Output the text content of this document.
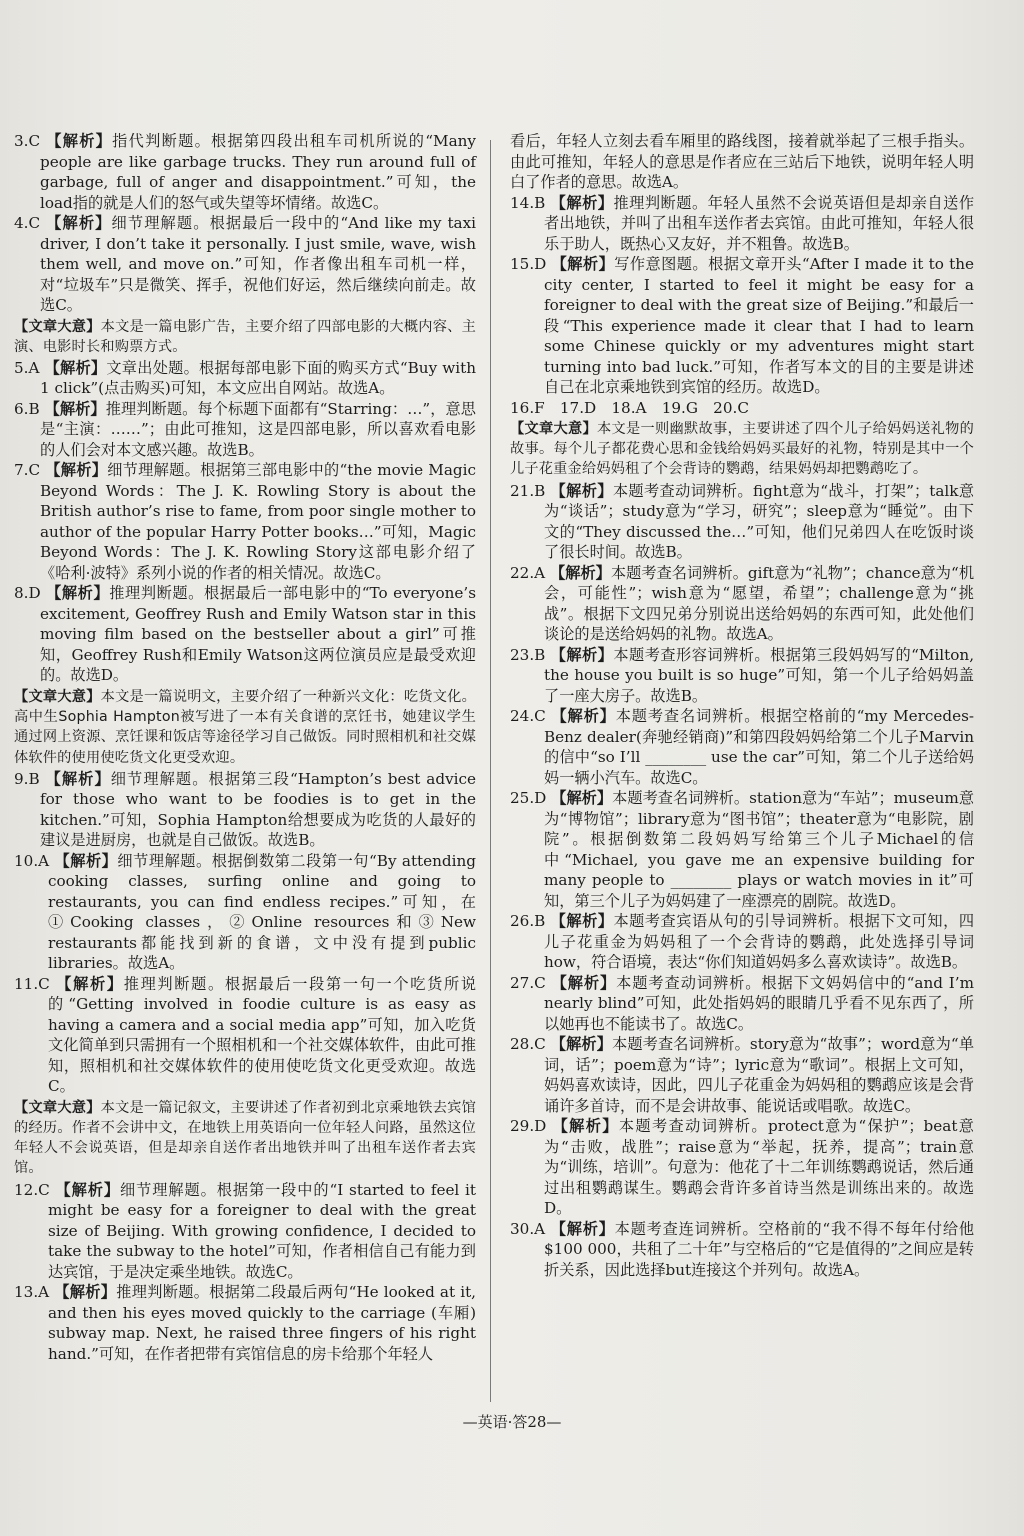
3.C 【解析】指代判断题。根据第四段出租车司机所说的“Many people are like garbage trucks. They run around full of garbage, full of anger and disappointment.”可知，the load指的就是人们的怒气或失望等坏情绪。故选C。

4.C 【解析】细节理解题。根据最后一段中的“And like my taxi driver, I don’t take it personally. I just smile, wave, wish them well, and move on.”可知，作者像出租车司机一样，对“垃圾车”只是微笑、挥手，祝他们好运，然后继续向前走。故选C。

【文章大意】本文是一篇电影广告，主要介绍了四部电影的大概内容、主演、电影时长和购票方式。

5.A 【解析】文章出处题。根据每部电影下面的购买方式“Buy with 1 click”(点击购买)可知，本文应出自网站。故选A。

6.B 【解析】推理判断题。每个标题下面都有“Starring：…”，意思是“主演：……”；由此可推知，这是四部电影，所以喜欢看电影的人们会对本文感兴趣。故选B。

7.C 【解析】细节理解题。根据第三部电影中的“the movie Magic Beyond Words：The J. K. Rowling Story is about the British author’s rise to fame, from poor single mother to author of the popular Harry Potter books…”可知，Magic Beyond Words：The J. K. Rowling Story这部电影介绍了《哈利·波特》系列小说的作者的相关情况。故选C。

8.D 【解析】推理判断题。根据最后一部电影中的“To everyone’s excitement, Geoffrey Rush and Emily Watson star in this moving film based on the bestseller about a girl”可推知，Geoffrey Rush和Emily Watson这两位演员应是最受欢迎的。故选D。

【文章大意】本文是一篇说明文，主要介绍了一种新兴文化：吃货文化。高中生Sophia Hampton被写进了一本有关食谱的烹饪书，她建议学生通过网上资源、烹饪课和饭店等途径学习自己做饭。同时照相机和社交媒体软件的使用使吃货文化更受欢迎。

9.B 【解析】细节理解题。根据第三段“Hampton’s best advice for those who want to be foodies is to get in the kitchen.”可知，Sophia Hampton给想要成为吃货的人最好的建议是进厨房，也就是自己做饭。故选B。

10.A 【解析】细节理解题。根据倒数第二段第一句“By attending cooking classes, surfing online and going to restaurants, you can find endless recipes.”可知，在①Cooking classes，②Online resources和③New restaurants都能找到新的食谱，文中没有提到public libraries。故选A。

11.C 【解析】推理判断题。根据最后一段第一句一个吃货所说的“Getting involved in foodie culture is as easy as having a camera and a social media app”可知，加入吃货文化简单到只需拥有一个照相机和一个社交媒体软件，由此可推知，照相机和社交媒体软件的使用使吃货文化更受欢迎。故选C。

【文章大意】本文是一篇记叙文，主要讲述了作者初到北京乘地铁去宾馆的经历。作者不会讲中文，在地铁上用英语向一位年轻人问路，虽然这位年轻人不会说英语，但是却亲自送作者出地铁并叫了出租车送作者去宾馆。

12.C 【解析】细节理解题。根据第一段中的“I started to feel it might be easy for a foreigner to deal with the great size of Beijing. With growing confidence, I decided to take the subway to the hotel”可知，作者相信自己有能力到达宾馆，于是决定乘坐地铁。故选C。

13.A 【解析】推理判断题。根据第二段最后两句“He looked at it, and then his eyes moved quickly to the carriage (车厢) subway map. Next, he raised three fingers of his right hand.”可知，在作者把带有宾馆信息的房卡给那个年轻人

看后，年轻人立刻去看车厢里的路线图，接着就举起了三根手指头。由此可推知，年轻人的意思是作者应在三站后下地铁，说明年轻人明白了作者的意思。故选A。

14.B 【解析】推理判断题。年轻人虽然不会说英语但是却亲自送作者出地铁，并叫了出租车送作者去宾馆。由此可推知，年轻人很乐于助人，既热心又友好，并不粗鲁。故选B。

15.D 【解析】写作意图题。根据文章开头“After I made it to the city center, I started to feel it might be easy for a foreigner to deal with the great size of Beijing.”和最后一段“This experience made it clear that I had to learn some Chinese quickly or my adventures might start turning into bad luck.”可知，作者写本文的目的主要是讲述自己在北京乘地铁到宾馆的经历。故选D。

16.F　17.D　18.A　19.G　20.C

【文章大意】本文是一则幽默故事，主要讲述了四个儿子给妈妈送礼物的故事。每个儿子都花费心思和金钱给妈妈买最好的礼物，特别是其中一个儿子花重金给妈妈租了个会背诗的鹦鹉，结果妈妈却把鹦鹉吃了。

21.B 【解析】本题考查动词辨析。fight意为“战斗，打架”；talk意为“谈话”；study意为“学习，研究”；sleep意为“睡觉”。由下文的“They discussed the…”可知，他们兄弟四人在吃饭时谈了很长时间。故选B。

22.A 【解析】本题考查名词辨析。gift意为“礼物”；chance意为“机会，可能性”；wish意为“愿望，希望”；challenge意为“挑战”。根据下文四兄弟分别说出送给妈妈的东西可知，此处他们谈论的是送给妈妈的礼物。故选A。

23.B 【解析】本题考查形容词辨析。根据第三段妈妈写的“Milton, the house you built is so huge”可知，第一个儿子给妈妈盖了一座大房子。故选B。

24.C 【解析】本题考查名词辨析。根据空格前的“my Mercedes-Benz dealer(奔驰经销商)”和第四段妈妈给第二个儿子Marvin的信中“so I’ll ________ use the car”可知，第二个儿子送给妈妈一辆小汽车。故选C。

25.D 【解析】本题考查名词辨析。station意为“车站”；museum意为“博物馆”；library意为“图书馆”；theater意为“电影院，剧院”。根据倒数第二段妈妈写给第三个儿子Michael的信中“Michael, you gave me an expensive building for many people to ________ plays or watch movies in it”可知，第三个儿子为妈妈建了一座漂亮的剧院。故选D。

26.B 【解析】本题考查宾语从句的引导词辨析。根据下文可知，四儿子花重金为妈妈租了一个会背诗的鹦鹉，此处选择引导词how，符合语境，表达“你们知道妈妈多么喜欢读诗”。故选B。

27.C 【解析】本题考查动词辨析。根据下文妈妈信中的“and I’m nearly blind”可知，此处指妈妈的眼睛几乎看不见东西了，所以她再也不能读书了。故选C。

28.C 【解析】本题考查名词辨析。story意为“故事”；word意为“单词，话”；poem意为“诗”；lyric意为“歌词”。根据上文可知，妈妈喜欢读诗，因此，四儿子花重金为妈妈租的鹦鹉应该是会背诵许多首诗，而不是会讲故事、能说话或唱歌。故选C。

29.D 【解析】本题考查动词辨析。protect意为“保护”；beat意为“击败，战胜”；raise意为“举起，抚养，提高”；train意为“训练，培训”。句意为：他花了十二年训练鹦鹉说话，然后通过出租鹦鹉谋生。鹦鹉会背许多首诗当然是训练出来的。故选D。

30.A 【解析】本题考查连词辨析。空格前的“我不得不每年付给他$100 000，共租了二十年”与空格后的“它是值得的”之间应是转折关系，因此选择but连接这个并列句。故选A。

—英语·答28—
